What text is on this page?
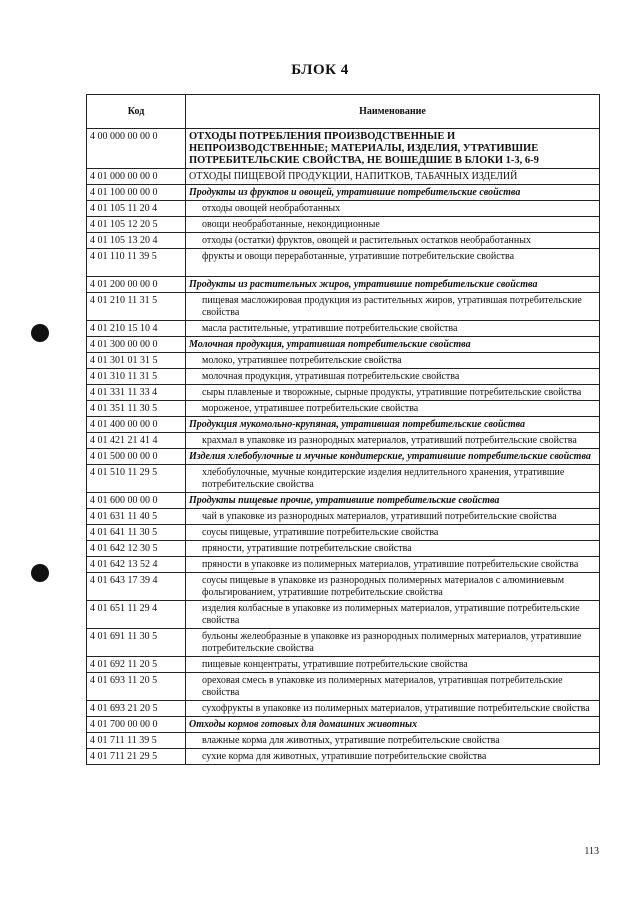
БЛОК 4
Код	Наименование
4 00 000 00 00 0	ОТХОДЫ ПОТРЕБЛЕНИЯ ПРОИЗВОДСТВЕННЫЕ И НЕПРОИЗВОДСТВЕННЫЕ; МАТЕРИАЛЫ, ИЗДЕЛИЯ, УТРАТИВШИЕ ПОТРЕБИТЕЛЬСКИЕ СВОЙСТВА, НЕ ВОШЕДШИЕ В БЛОКИ 1-3, 6-9
4 01 000 00 00 0	ОТХОДЫ ПИЩЕВОЙ ПРОДУКЦИИ, НАПИТКОВ, ТАБАЧНЫХ ИЗДЕЛИЙ
4 01 100 00 00 0	Продукты из фруктов и овощей, утратившие потребительские свойства
4 01 105 11 20 4	отходы овощей необработанных
4 01 105 12 20 5	овощи необработанные, некондиционные
4 01 105 13 20 4	отходы (остатки) фруктов, овощей и растительных остатков необработанных
4 01 110 11 39 5	фрукты и овощи переработанные, утратившие потребительские свойства
4 01 200 00 00 0	Продукты из растительных жиров, утратившие потребительские свойства
4 01 210 11 31 5	пищевая масложировая продукция из растительных жиров, утратившая потребительские свойства
4 01 210 15 10 4	масла растительные, утратившие потребительские свойства
4 01 300 00 00 0	Молочная продукция, утратившая потребительские свойства
4 01 301 01 31 5	молоко, утратившее потребительские свойства
4 01 310 11 31 5	молочная продукция, утратившая потребительские свойства
4 01 331 11 33 4	сыры плавленые и творожные, сырные продукты, утратившие потребительские свойства
4 01 351 11 30 5	мороженое, утратившее потребительские свойства
4 01 400 00 00 0	Продукция мукомольно-крупяная, утратившая потребительские свойства
4 01 421 21 41 4	крахмал в упаковке из разнородных материалов, утративший потребительские свойства
4 01 500 00 00 0	Изделия хлебобулочные и мучные кондитерские, утратившие потребительские свойства
4 01 510 11 29 5	хлебобулочные, мучные кондитерские изделия недлительного хранения, утратившие потребительские свойства
4 01 600 00 00 0	Продукты пищевые прочие, утратившие потребительские свойства
4 01 631 11 40 5	чай в упаковке из разнородных материалов, утративший потребительские свойства
4 01 641 11 30 5	соусы пищевые, утратившие потребительские свойства
4 01 642 12 30 5	пряности, утратившие потребительские свойства
4 01 642 13 52 4	пряности в упаковке из полимерных материалов, утратившие потребительские свойства
4 01 643 17 39 4	соусы пищевые в упаковке из разнородных полимерных материалов с алюминиевым фольгированием, утратившие потребительские свойства
4 01 651 11 29 4	изделия колбасные в упаковке из полимерных материалов, утратившие потребительские свойства
4 01 691 11 30 5	бульоны желеобразные в упаковке из разнородных полимерных материалов, утратившие потребительские свойства
4 01 692 11 20 5	пищевые концентраты, утратившие потребительские свойства
4 01 693 11 20 5	ореховая смесь в упаковке из полимерных материалов, утратившая потребительские свойства
4 01 693 21 20 5	сухофрукты в упаковке из полимерных материалов, утратившие потребительские свойства
4 01 700 00 00 0	Отходы кормов готовых для домашних животных
4 01 711 11 39 5	влажные корма для животных, утратившие потребительские свойства
4 01 711 21 29 5	сухие корма для животных, утратившие потребительские свойства
113
